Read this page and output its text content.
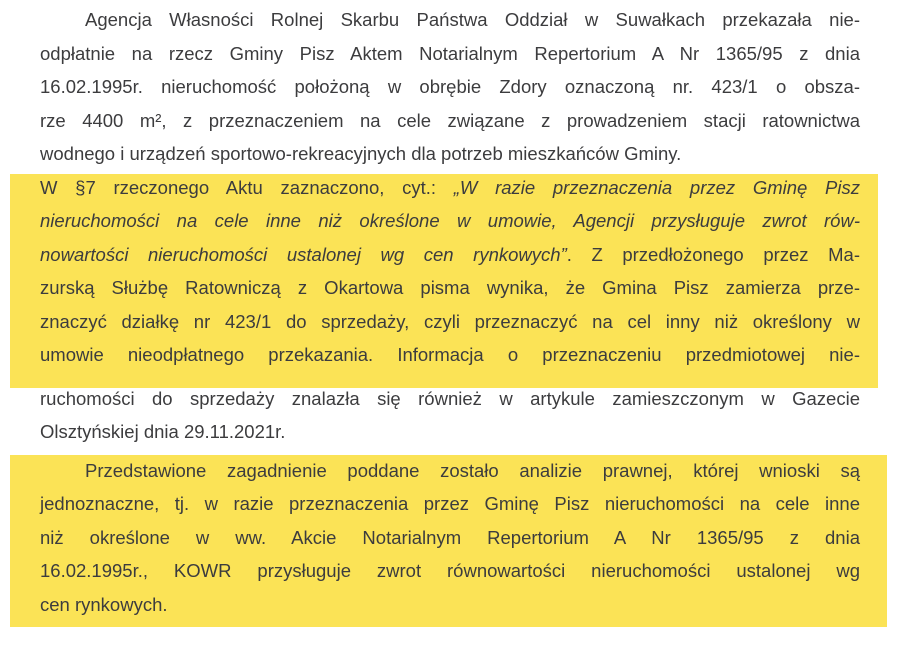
Agencja Własności Rolnej Skarbu Państwa Oddział w Suwałkach przekazała nie-

odpłatnie na rzecz Gminy Pisz Aktem Notarialnym Repertorium A Nr 1365/95 z dnia

16.02.1995r. nieruchomość położoną w obrębie Zdory oznaczoną nr. 423/1 o obsza-

rze 4400 m², z przeznaczeniem na cele związane z prowadzeniem stacji ratownictwa

wodnego i urządzeń sportowo-rekreacyjnych dla potrzeb mieszkańców Gminy.

W §7 rzeczonego Aktu zaznaczono, cyt.: „W razie przeznaczenia przez Gminę Pisz

nieruchomości na cele inne niż określone w umowie, Agencji przysługuje zwrot rów-

nowartości nieruchomości ustalonej wg cen rynkowych”. Z przedłożonego przez Ma-

zurską Służbę Ratowniczą z Okartowa pisma wynika, że Gmina Pisz zamierza prze-

znaczyć działkę nr 423/1 do sprzedaży, czyli przeznaczyć na cel inny niż określony w

umowie nieodpłatnego przekazania. Informacja o przeznaczeniu przedmiotowej nie-

ruchomości do sprzedaży znalazła się również w artykule zamieszczonym w Gazecie

Olsztyńskiej dnia 29.11.2021r.

Przedstawione zagadnienie poddane zostało analizie prawnej, której wnioski są

jednoznaczne, tj. w razie przeznaczenia przez Gminę Pisz nieruchomości na cele inne

niż określone w ww. Akcie Notarialnym Repertorium A Nr 1365/95 z dnia

16.02.1995r., KOWR przysługuje zwrot równowartości nieruchomości ustalonej wg

cen rynkowych.
